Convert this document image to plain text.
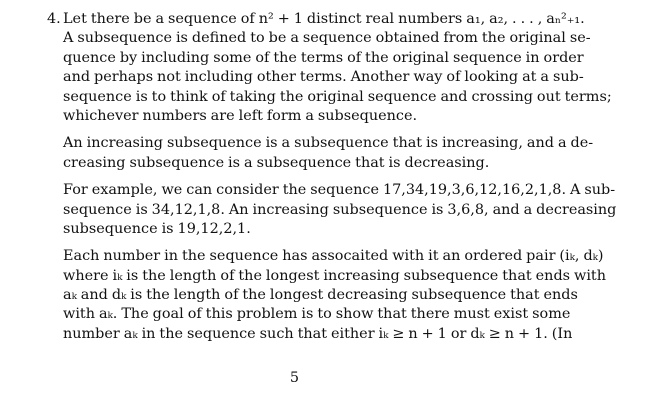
4. Let there be a sequence of n² + 1 distinct real numbers a₁, a₂, . . . , aₙ²₊₁.
A subsequence is defined to be a sequence obtained from the original se-
quence by including some of the terms of the original sequence in order
and perhaps not including other terms. Another way of looking at a sub-
sequence is to think of taking the original sequence and crossing out terms;
whichever numbers are left form a subsequence.
An increasing subsequence is a subsequence that is increasing, and a de-
creasing subsequence is a subsequence that is decreasing.
For example, we can consider the sequence 17,34,19,3,6,12,16,2,1,8. A sub-
sequence is 34,12,1,8. An increasing subsequence is 3,6,8, and a decreasing
subsequence is 19,12,2,1.
Each number in the sequence has assocaited with it an ordered pair (iₖ, dₖ)
where iₖ is the length of the longest increasing subsequence that ends with
aₖ and dₖ is the length of the longest decreasing subsequence that ends
with aₖ. The goal of this problem is to show that there must exist some
number aₖ in the sequence such that either iₖ ≥ n + 1 or dₖ ≥ n + 1. (In
5
